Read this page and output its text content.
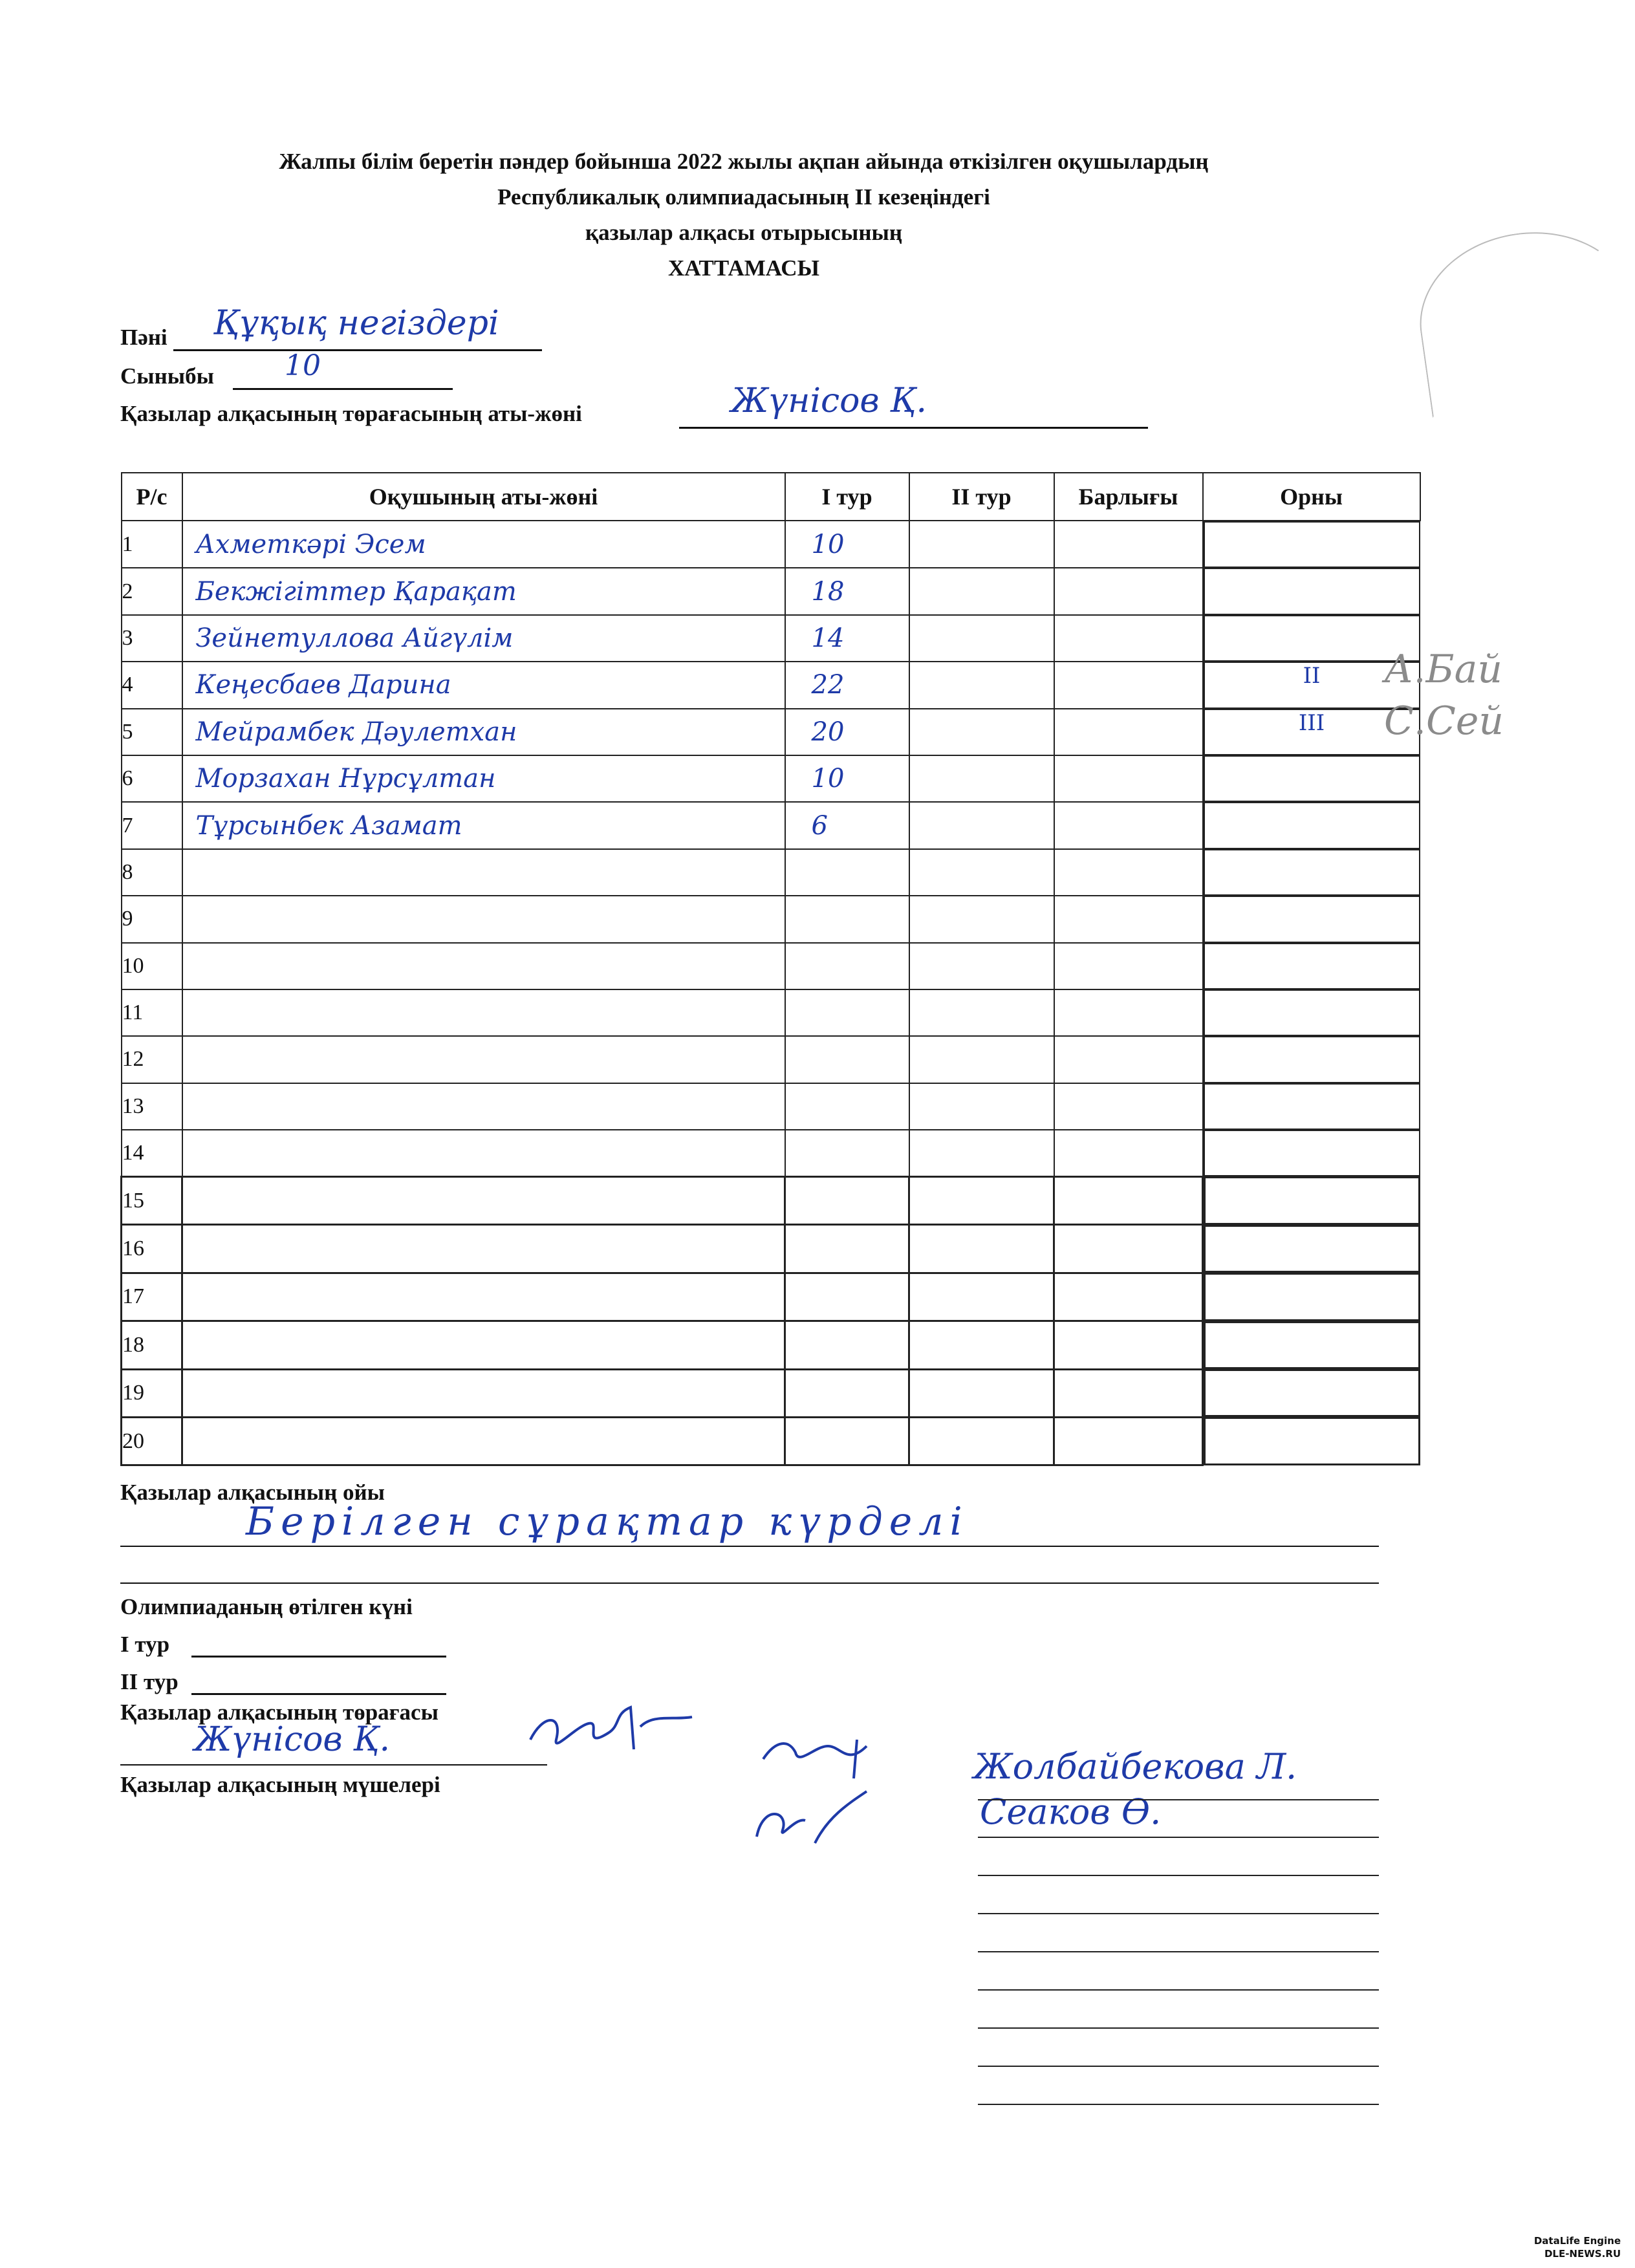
Жалпы білім беретін пәндер бойынша 2022 жылы ақпан айында өткізілген оқушылардың
Республикалық олимпиадасының II кезеңіндегі
қазылар алқасы отырысының
ХАТТАМАСЫ
Пәні Құқық негіздері
Сыныбы 10
Қазылар алқасының төрағасының аты-жөні	Жүнісов Қ.
Р/с	Оқушының аты-жөні	I тур	II тур	Барлығы	Орны
1	Ахметкәрі Эсем	10			

2	Бекжігіттер Қарақат	18			

3	Зейнетуллова Айгүлім	14			

4	Кеңесбаев Дарина	22				II

5	Мейрамбек Дәулетхан	20				III

6	Морзахан Нұрсұлтан	10			

7	Тұрсынбек Азамат	6			

8					

9					

10					

11					

12					

13					

14					

15					

16					

17					

18					

19					

20					
А.Бай
С.Сей
Қазылар алқасының ойы
Берілген сұрақтар күрделі
Олимпиаданың өтілген күні
I тур
II тур
Қазылар алқасының төрағасы
Жүнісов Қ.
Қазылар алқасының мүшелері	Жолбайбекова Л.
Сеаков Ө.
DataLife Engine
DLE-NEWS.RU
